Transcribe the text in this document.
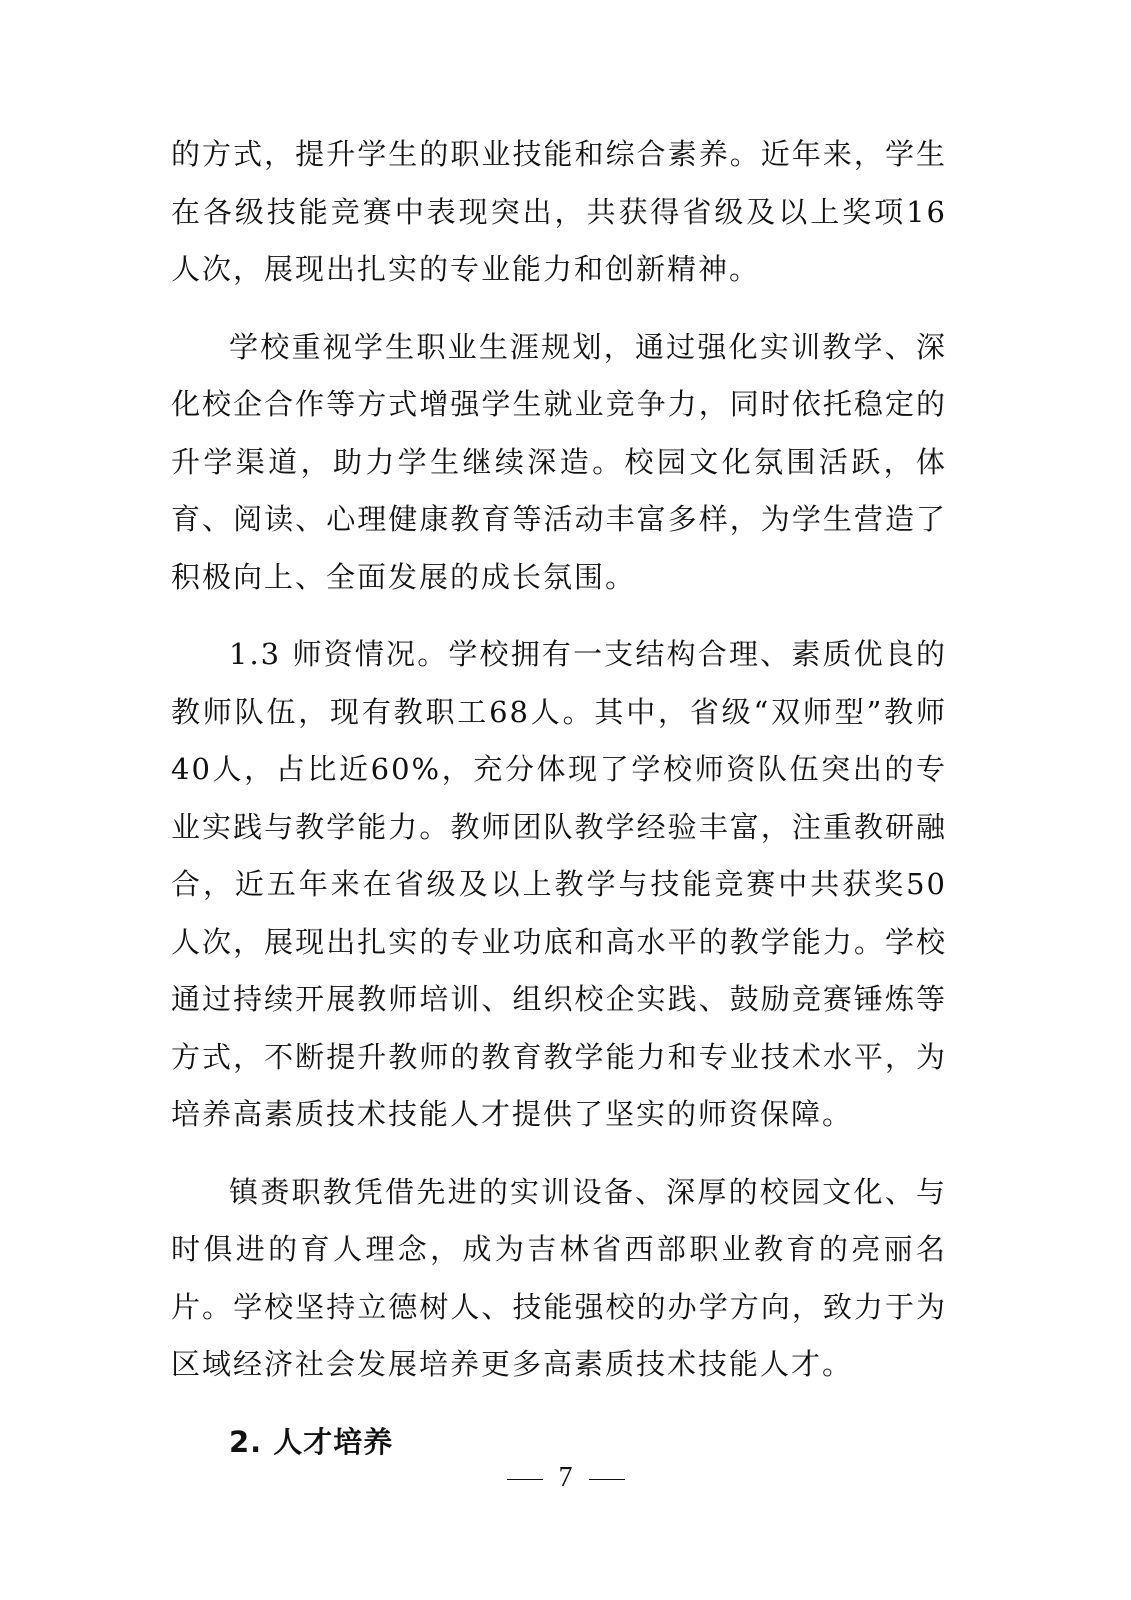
的方式，提升学生的职业技能和综合素养。近年来，学生在各级技能竞赛中表现突出，共获得省级及以上奖项16人次，展现出扎实的专业能力和创新精神。

学校重视学生职业生涯规划，通过强化实训教学、深化校企合作等方式增强学生就业竞争力，同时依托稳定的升学渠道，助力学生继续深造。校园文化氛围活跃，体育、阅读、心理健康教育等活动丰富多样，为学生营造了积极向上、全面发展的成长氛围。

1.3 师资情况。学校拥有一支结构合理、素质优良的教师队伍，现有教职工68人。其中，省级“双师型”教师40人，占比近60%，充分体现了学校师资队伍突出的专业实践与教学能力。教师团队教学经验丰富，注重教研融合，近五年来在省级及以上教学与技能竞赛中共获奖50人次，展现出扎实的专业功底和高水平的教学能力。学校通过持续开展教师培训、组织校企实践、鼓励竞赛锤炼等方式，不断提升教师的教育教学能力和专业技术水平，为培养高素质技术技能人才提供了坚实的师资保障。

镇赉职教凭借先进的实训设备、深厚的校园文化、与时俱进的育人理念，成为吉林省西部职业教育的亮丽名片。学校坚持立德树人、技能强校的办学方向，致力于为区域经济社会发展培养更多高素质技术技能人才。

2. 人才培养
7
